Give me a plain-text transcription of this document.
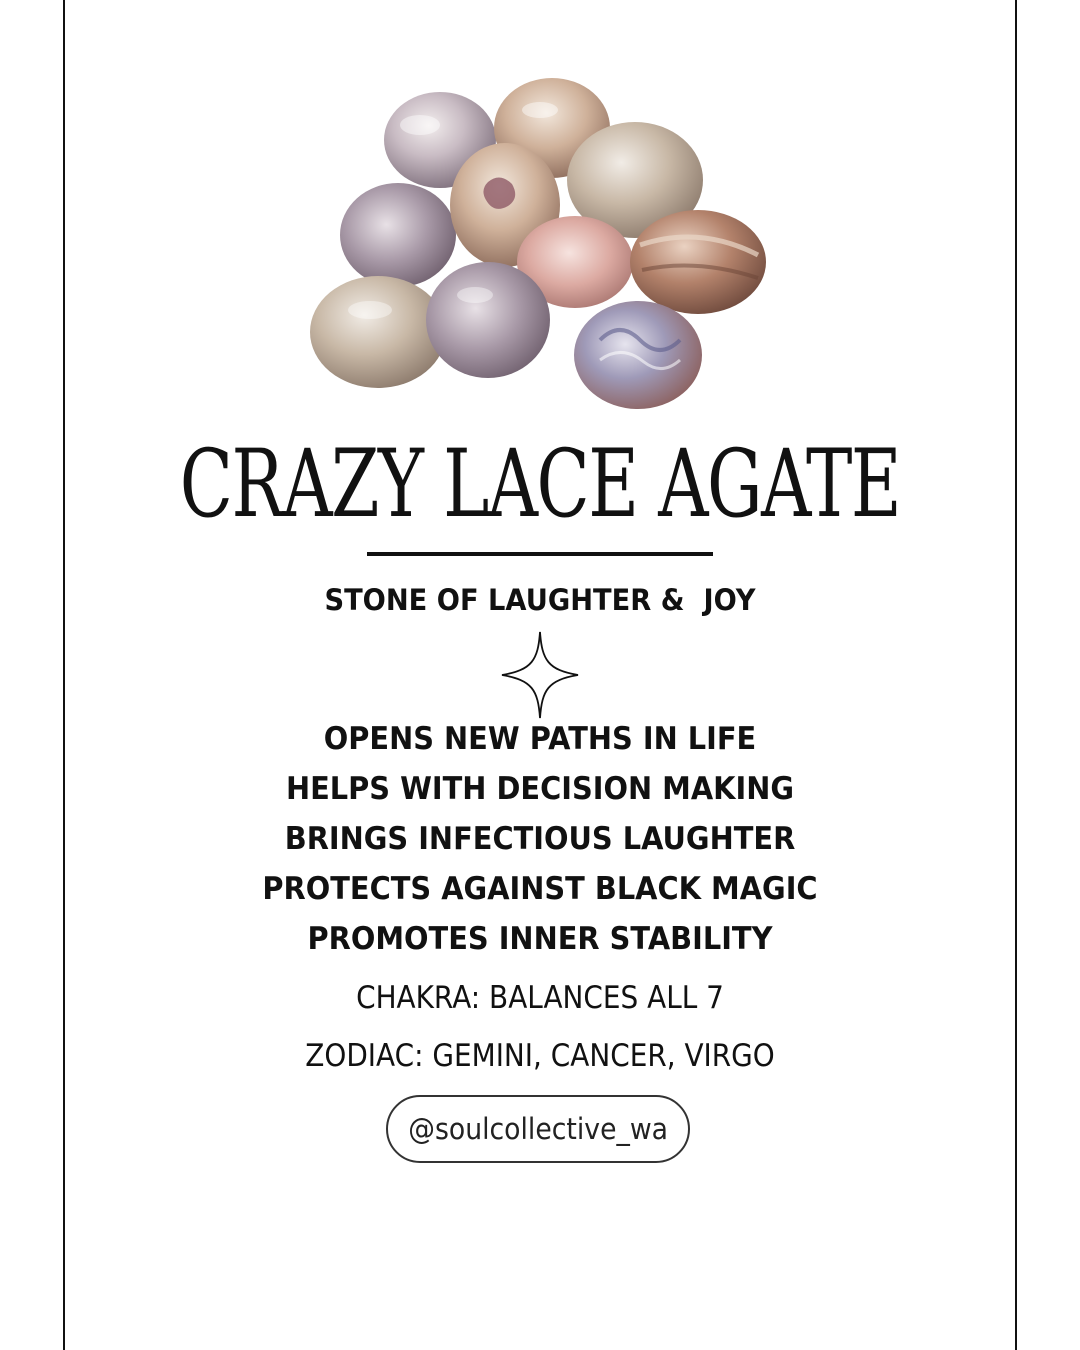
CRAZY LACE AGATE
STONE OF LAUGHTER &  JOY
OPENS NEW PATHS IN LIFE
HELPS WITH DECISION MAKING
BRINGS INFECTIOUS LAUGHTER
PROTECTS AGAINST BLACK MAGIC
PROMOTES INNER STABILITY
CHAKRA: BALANCES ALL 7
ZODIAC: GEMINI, CANCER, VIRGO
@soulcollective_wa
